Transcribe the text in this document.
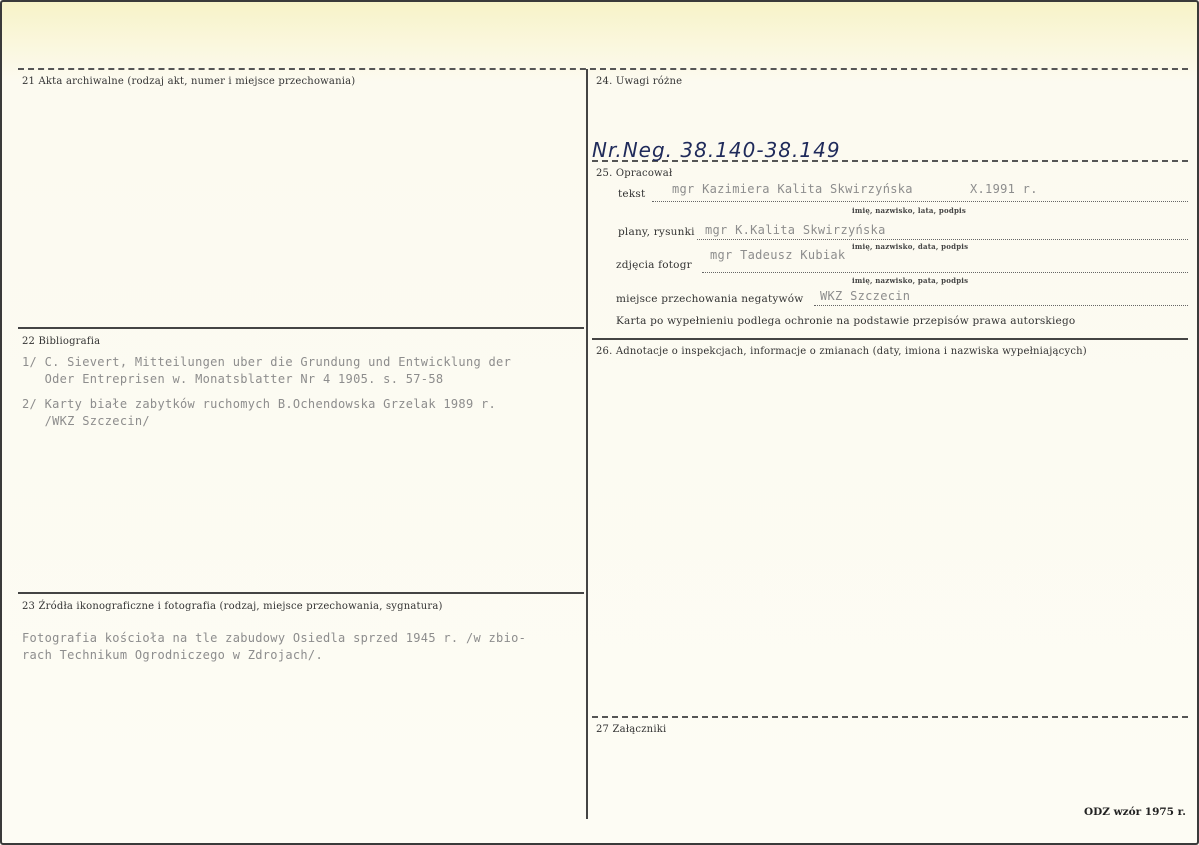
21 Akta archiwalne (rodzaj akt, numer i miejsce przechowania)
22 Bibliografia
1/ C. Sievert, Mitteilungen uber die Grundung und Entwicklung der
Oder Entreprisen w. Monatsblatter Nr 4 1905. s. 57-58
2/ Karty białe zabytków ruchomych B.Ochendowska Grzelak 1989 r.
/WKZ Szczecin/
23 Źródła ikonograficzne i fotografia (rodzaj, miejsce przechowania, sygnatura)
Fotografia kościoła na tle zabudowy Osiedla sprzed 1945 r. /w zbio-
rach Technikum Ogrodniczego w Zdrojach/.
24. Uwagi różne
Nr.Neg. 38.140-38.149
25. Opracował
tekst mgr Kazimiera Kalita Skwirzyńska	X.1991 r.
imię, nazwisko, lata, podpis
plany, rysunki mgr K.Kalita Skwirzyńska
imię, nazwisko, data, podpis
zdjęcia fotogr
mgr Tadeusz Kubiak
imię, nazwisko, pata, podpis
miejsce przechowania negatywów WKZ Szczecin
Karta po wypełnieniu podlega ochronie na podstawie przepisów prawa autorskiego
26. Adnotacje o inspekcjach, informacje o zmianach (daty, imiona i nazwiska wypełniających)
27 Załączniki
ODZ wzór 1975 r.
